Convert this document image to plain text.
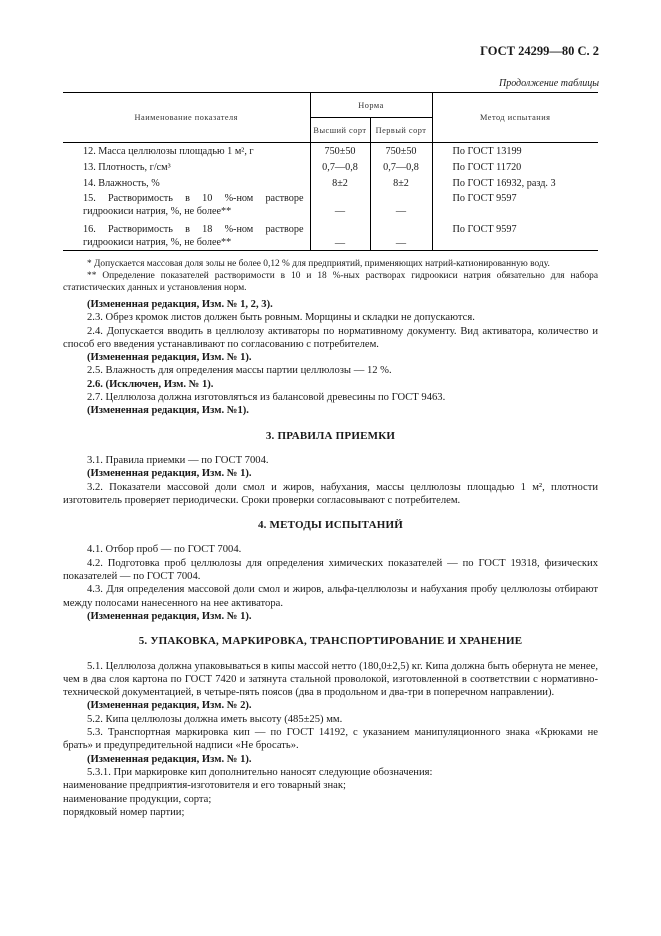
ГОСТ 24299—80 С. 2
Продолжение таблицы
Наименование показателя	Норма		Метод испытания
	Высший сорт	Первый сорт	
12. Масса целлюлозы площадью 1 м², г	750±50	750±50	По ГОСТ 13199
13. Плотность, г/см³	0,7—0,8	0,7—0,8	По ГОСТ 11720
14. Влажность, %	8±2	8±2	По ГОСТ 16932, разд. 3
15. Растворимость в 10 %-ном растворе гидроокиси натрия, %, не более**	—	—	По ГОСТ 9597
16. Растворимость в 18 %-ном растворе гидроокиси натрия, %, не более**	—	—	По ГОСТ 9597

* Допускается массовая доля золы не более 0,12 % для предприятий, применяющих натрий-катионированную воду.

** Определение показателей растворимости в 10 и 18 %-ных растворах гидроокиси натрия обязательно для набора статистических данных и установления норм.

(Измененная редакция, Изм. № 1, 2, 3).

2.3. Обрез кромок листов должен быть ровным. Морщины и складки не допускаются.

2.4. Допускается вводить в целлюлозу активаторы по нормативному документу. Вид активатора, количество и способ его введения устанавливают по согласованию с потребителем.

(Измененная редакция, Изм. № 1).

2.5. Влажность для определения массы партии целлюлозы — 12 %.

2.6. (Исключен, Изм. № 1).

2.7. Целлюлоза должна изготовляться из балансовой древесины по ГОСТ 9463.

(Измененная редакция, Изм. №1).

3. ПРАВИЛА ПРИЕМКИ

3.1. Правила приемки — по ГОСТ 7004.

(Измененная редакция, Изм. № 1).

3.2. Показатели массовой доли смол и жиров, набухания, массы целлюлозы площадью 1 м², плотности изготовитель проверяет периодически. Сроки проверки согласовывают с потребителем.

4. МЕТОДЫ ИСПЫТАНИЙ

4.1. Отбор проб — по ГОСТ 7004.

4.2. Подготовка проб целлюлозы для определения химических показателей — по ГОСТ 19318, физических показателей — по ГОСТ 7004.

4.3. Для определения массовой доли смол и жиров, альфа-целлюлозы и набухания пробу целлюлозы отбирают между полосами нанесенного на нее активатора.

(Измененная редакция, Изм. № 1).

5. УПАКОВКА, МАРКИРОВКА, ТРАНСПОРТИРОВАНИЕ И ХРАНЕНИЕ

5.1. Целлюлоза должна упаковываться в кипы массой нетто (180,0±2,5) кг. Кипа должна быть обернута не менее, чем в два слоя картона по ГОСТ 7420 и затянута стальной проволокой, изготовленной в соответствии с нормативно-технической документацией, в четыре-пять поясов (два в продольном и два-три в поперечном направлении).

(Измененная редакция, Изм. № 2).

5.2. Кипа целлюлозы должна иметь высоту (485±25) мм.

5.3. Транспортная маркировка кип — по ГОСТ 14192, с указанием манипуляционного знака «Крюками не брать» и предупредительной надписи «Не бросать».

(Измененная редакция, Изм. № 1).

5.3.1. При маркировке кип дополнительно наносят следующие обозначения:

наименование предприятия-изготовителя и его товарный знак;

наименование продукции, сорта;

порядковый номер партии;
